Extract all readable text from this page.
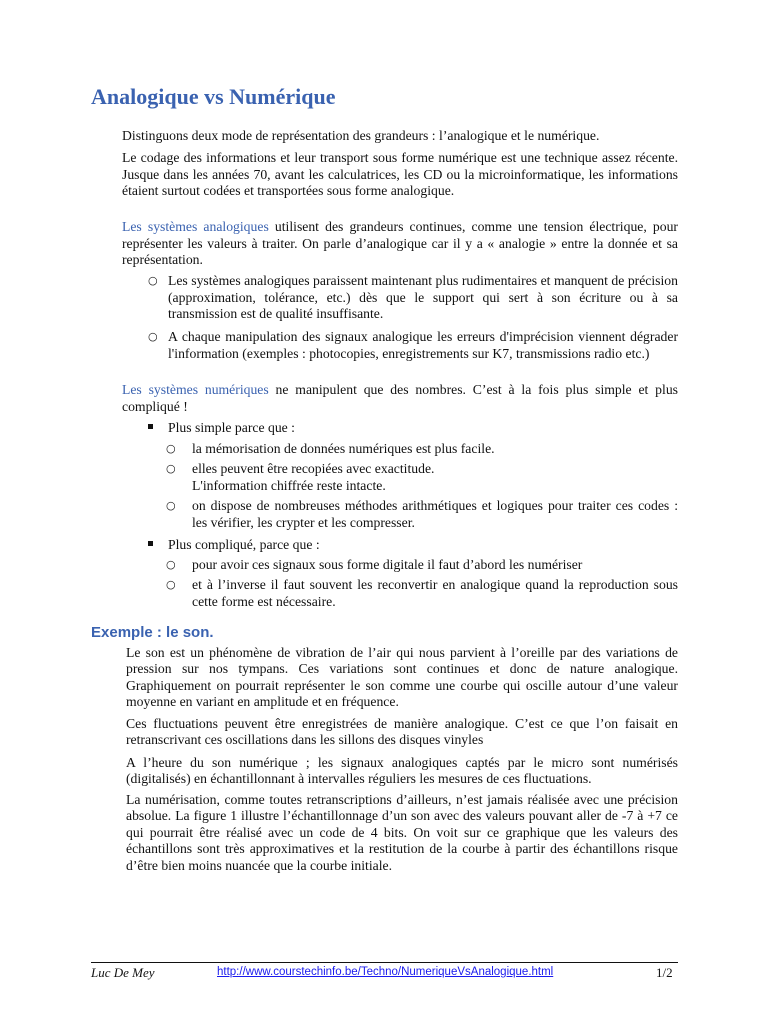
Analogique vs Numérique

Distinguons deux mode de représentation des grandeurs : l’analogique et le numérique.

Le codage des informations et leur transport sous forme numérique est une technique assez récente. Jusque dans les années 70, avant les calculatrices, les CD ou la microinformatique, les informations étaient surtout codées et transportées sous forme analogique.

Les systèmes analogiques utilisent des grandeurs continues, comme une tension électrique, pour représenter les valeurs à traiter. On parle d’analogique car il y a « analogie » entre la donnée et sa représentation.

○ Les systèmes analogiques paraissent maintenant plus rudimentaires et manquent de précision (approximation, tolérance, etc.) dès que le support qui sert à son écriture ou à sa transmission est de qualité insuffisante.
○ A chaque manipulation des signaux analogique les erreurs d'imprécision viennent dégrader l'information (exemples : photocopies, enregistrements sur K7, transmissions radio etc.)

Les systèmes numériques ne manipulent que des nombres. C’est à la fois plus simple et plus compliqué !

Plus simple parce que :
○ la mémorisation de données numériques est plus facile.
○ elles peuvent être recopiées avec exactitude.
L'information chiffrée reste intacte.
○ on dispose de nombreuses méthodes arithmétiques et logiques pour traiter ces codes : les vérifier, les crypter et les compresser.
Plus compliqué, parce que :
○ pour avoir ces signaux sous forme digitale il faut d’abord les numériser
○ et à l’inverse il faut souvent les reconvertir en analogique quand la reproduction sous cette forme est nécessaire.
Exemple : le son.

Le son est un phénomène de vibration de l’air qui nous parvient à l’oreille par des variations de pression sur nos tympans. Ces variations sont continues et donc de nature analogique. Graphiquement on pourrait représenter le son comme une courbe qui oscille autour d’une valeur moyenne en variant en amplitude et en fréquence.

Ces fluctuations peuvent être enregistrées de manière analogique. C’est ce que l’on faisait en retranscrivant ces oscillations dans les sillons des disques vinyles

A l’heure du son numérique ; les signaux analogiques captés par le micro sont numérisés (digitalisés) en échantillonnant à intervalles réguliers les mesures de ces fluctuations.

La numérisation, comme toutes retranscriptions d’ailleurs, n’est jamais réalisée avec une précision absolue. La figure 1 illustre l’échantillonnage d’un son avec des valeurs pouvant aller de -7 à +7 ce qui pourrait être réalisé avec un code de 4 bits. On voit sur ce graphique que les valeurs des échantillons sont très approximatives et la restitution de la courbe à partir des échantillons risque d’être bien moins nuancée que la courbe initiale.

Luc De Mey	http://www.courstechinfo.be/Techno/NumeriqueVsAnalogique.html	1/2
